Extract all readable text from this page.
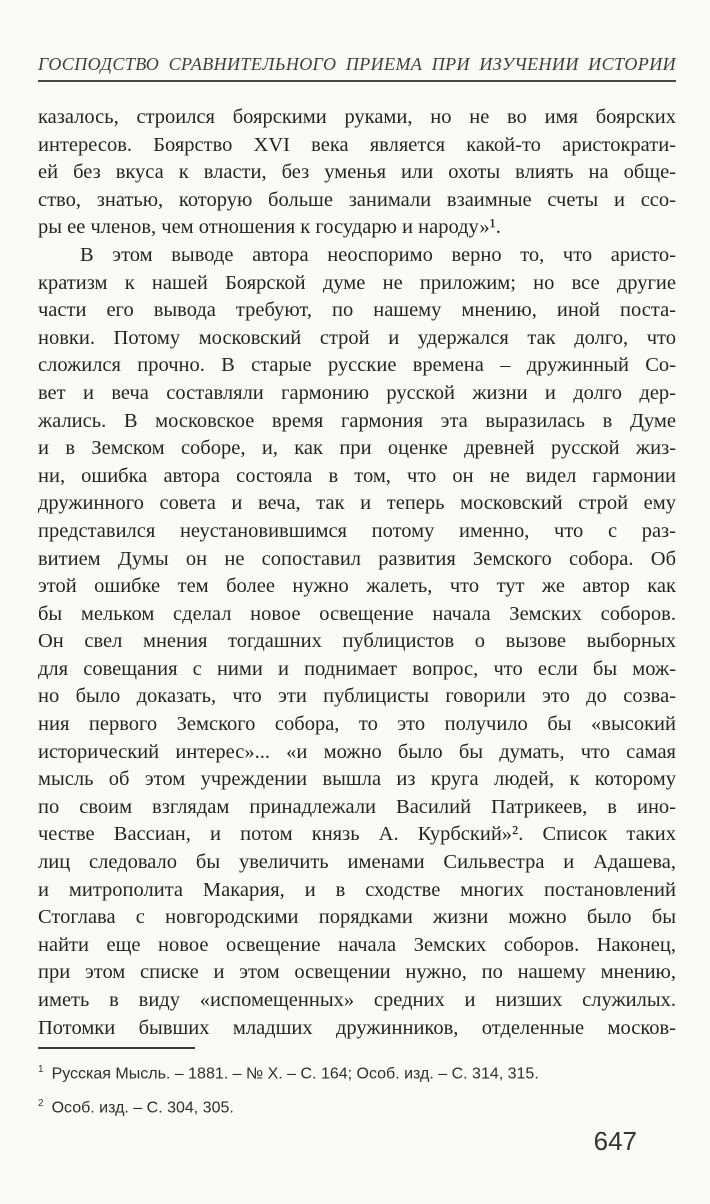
ГОСПОДСТВО СРАВНИТЕЛЬНОГО ПРИЕМА ПРИ ИЗУЧЕНИИ ИСТОРИИ
казалось, строился боярскими руками, но не во имя боярских
интересов. Боярство XVI века является какой-то аристократи-
ей без вкуса к власти, без уменья или охоты влиять на обще-
ство, знатью, которую больше занимали взаимные счеты и ссо-
ры ее членов, чем отношения к государю и народу»¹.
В этом выводе автора неоспоримо верно то, что аристо-
кратизм к нашей Боярской думе не приложим; но все другие
части его вывода требуют, по нашему мнению, иной поста-
новки. Потому московский строй и удержался так долго, что
сложился прочно. В старые русские времена – дружинный Со-
вет и веча составляли гармонию русской жизни и долго дер-
жались. В московское время гармония эта выразилась в Думе
и в Земском соборе, и, как при оценке древней русской жиз-
ни, ошибка автора состояла в том, что он не видел гармонии
дружинного совета и веча, так и теперь московский строй ему
представился неустановившимся потому именно, что с раз-
витием Думы он не сопоставил развития Земского собора. Об
этой ошибке тем более нужно жалеть, что тут же автор как
бы мельком сделал новое освещение начала Земских соборов.
Он свел мнения тогдашних публицистов о вызове выборных
для совещания с ними и поднимает вопрос, что если бы мож-
но было доказать, что эти публицисты говорили это до созва-
ния первого Земского собора, то это получило бы «высокий
исторический интерес»... «и можно было бы думать, что самая
мысль об этом учреждении вышла из круга людей, к которому
по своим взглядам принадлежали Василий Патрикеев, в ино-
честве Вассиан, и потом князь А. Курбский»². Список таких
лиц следовало бы увеличить именами Сильвестра и Адашева,
и митрополита Макария, и в сходстве многих постановлений
Стоглава с новгородскими порядками жизни можно было бы
найти еще новое освещение начала Земских соборов. Наконец,
при этом списке и этом освещении нужно, по нашему мнению,
иметь в виду «испомещенных» средних и низших служилых.
Потомки бывших младших дружинников, отделенные москов-
$^1$ Русская Мысль. – 1881. – № X. – С. 164; Особ. изд. – С. 314, 315.
$^2$ Особ. изд. – С. 304, 305.
647
